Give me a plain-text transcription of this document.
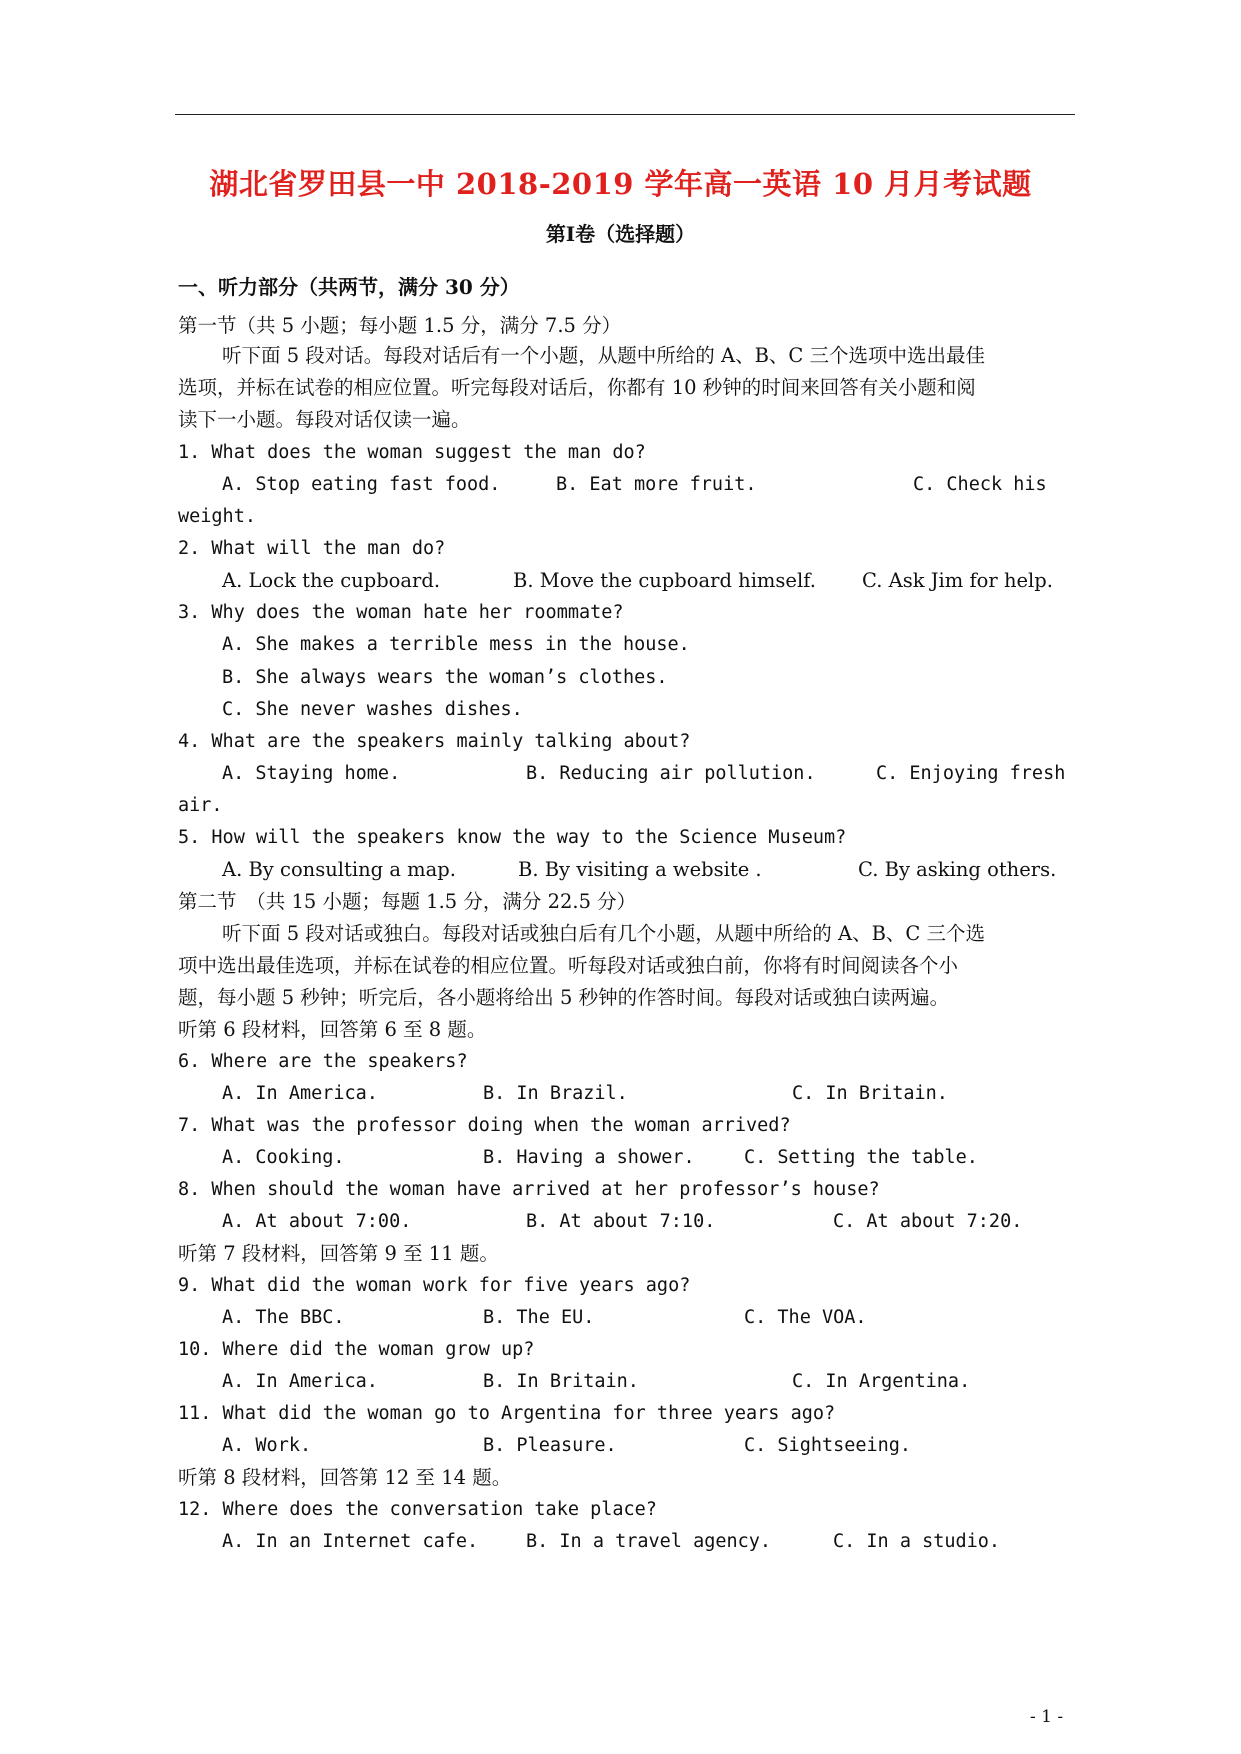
湖北省罗田县一中 2018-2019 学年高一英语 10 月月考试题
第Ⅰ卷（选择题）
一、听力部分（共两节，满分 30 分）
第一节（共 5 小题；每小题 1.5 分，满分 7.5 分）
听下面 5 段对话。每段对话后有一个小题，从题中所给的 A、B、C 三个选项中选出最佳
选项，并标在试卷的相应位置。听完每段对话后，你都有 10 秒钟的时间来回答有关小题和阅
读下一小题。每段对话仅读一遍。
1. What does the woman suggest the man do?
A. Stop eating fast food.	B. Eat more fruit.	C. Check his
weight.
2. What will the man do?
A. Lock the cupboard.	B. Move the cupboard himself. C. Ask Jim for help.
3. Why does the woman hate her roommate?
A. She makes a terrible mess in the house.
B. She always wears the woman’s clothes.
C. She never washes dishes.
4. What are the speakers mainly talking about?
A. Staying home.	B. Reducing air pollution.	C. Enjoying fresh
air.
5. How will the speakers know the way to the Science Museum?
A. By consulting a map.	B. By visiting a website .	C. By asking others.
第二节　（共 15 小题；每题 1.5 分，满分 22.5 分）
听下面 5 段对话或独白。每段对话或独白后有几个小题，从题中所给的 A、B、C 三个选
项中选出最佳选项，并标在试卷的相应位置。听每段对话或独白前，你将有时间阅读各个小
题，每小题 5 秒钟；听完后，各小题将给出 5 秒钟的作答时间。每段对话或独白读两遍。
听第 6 段材料，回答第 6 至 8 题。
6. Where are the speakers?
A. In America.	B. In Brazil.	C. In Britain.
7. What was the professor doing when the woman arrived?
A. Cooking.	B. Having a shower.	C. Setting the table.
8. When should the woman have arrived at her professor’s house?
A. At about 7:00.	B. At about 7:10.	C. At about 7:20.
听第 7 段材料，回答第 9 至 11 题。
9. What did the woman work for five years ago?
A. The BBC.	B. The EU.	C. The VOA.
10. Where did the woman grow up?
A. In America.	B. In Britain.	C. In Argentina.
11. What did the woman go to Argentina for three years ago?
A. Work.	B. Pleasure.	C. Sightseeing.
听第 8 段材料，回答第 12 至 14 题。
12. Where does the conversation take place?
A. In an Internet cafe.	B. In a travel agency.	C. In a studio.
- 1 -
